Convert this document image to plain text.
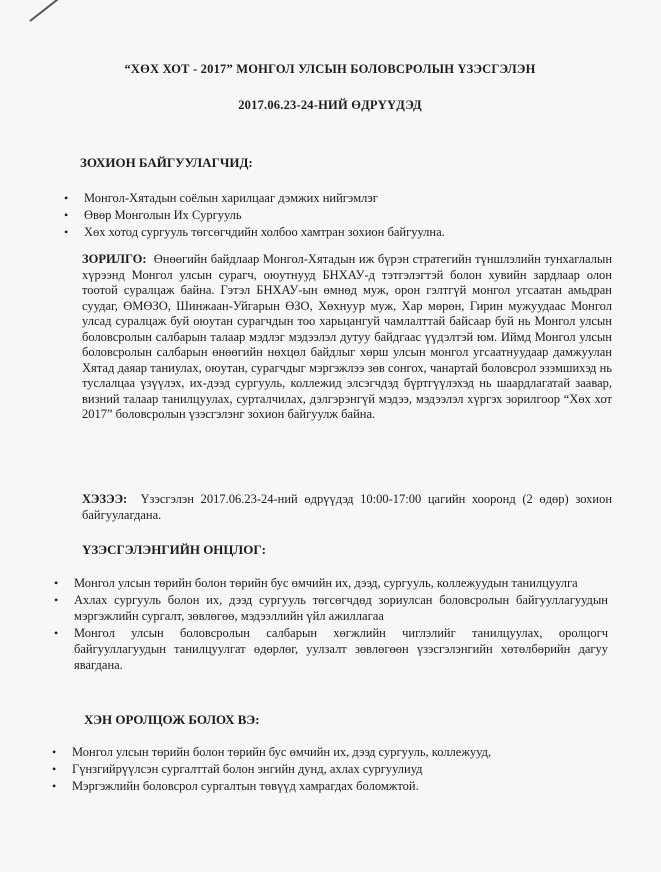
“ХӨХ ХОТ - 2017” МОНГОЛ УЛСЫН БОЛОВСРОЛЫН ҮЗЭСГЭЛЭН
2017.06.23-24-НИЙ ӨДРҮҮДЭД
ЗОХИОН БАЙГУУЛАГЧИД:
• Монгол-Хятадын соёлын харилцааг дэмжих нийгэмлэг
• Өвөр Монголын Их Сургууль
• Хөх хотод сургууль төгсөгчдийн холбоо хамтран зохион байгуулна.
ЗОРИЛГО: Өнөөгийн байдлаар Монгол-Хятадын иж бүрэн стратегийн түншлэлийн тунхаглалын хүрээнд Монгол улсын сурагч, оюутнууд БНХАУ-д тэтгэлэгтэй болон хувийн зардлаар олон тоотой суралцаж байна. Гэтэл БНХАУ-ын өмнөд муж, орон гэлтгүй монгол угсаатан амьдран суудаг, ӨМӨЗО, Шинжаан-Уйгарын ӨЗО, Хөхнуур муж, Хар мөрөн, Гирин мужуудаас Монгол улсад суралцаж буй оюутан сурагчдын тоо харьцангуй чамлалттай байсаар буй нь Монгол улсын боловсролын салбарын талаар мэдлэг мэдээлэл дутуу байдгаас үүдэлтэй юм. Иймд Монгол улсын боловсролын салбарын өнөөгийн нөхцөл байдлыг хөрш улсын монгол угсаатнуудаар дамжуулан Хятад даяар таниулах, оюутан, сурагчдыг мэргэжлээ зөв сонгох, чанартай боловсрол эзэмшихэд нь туслалцаа үзүүлэх, их-дээд сургууль, коллежид элсэгчдэд бүртгүүлэхэд нь шаардлагатай заавар, визний талаар танилцуулах, сурталчилах, дэлгэрэнгүй мэдээ, мэдээлэл хүргэх зорилгоор “Хөх хот 2017” боловсролын үзэсгэлэнг зохион байгуулж байна.
ХЭЗЭЭ: Үзэсгэлэн 2017.06.23-24-ний өдрүүдэд 10:00-17:00 цагийн хооронд (2 өдөр) зохион байгуулагдана.
ҮЗЭСГЭЛЭНГИЙН ОНЦЛОГ:
• Монгол улсын төрийн болон төрийн бус өмчийн их, дээд, сургууль, коллежуудын танилцуулга
• Ахлах сургууль болон их, дээд сургууль төгсөгчдөд зориулсан боловсролын байгууллагуудын мэргэжлийн сургалт, зөвлөгөө, мэдээллийн үйл ажиллагаа
• Монгол улсын боловсролын салбарын хөгжлийн чиглэлийг танилцуулах, оролцогч байгууллагуудын танилцуулгат өдөрлөг, уулзалт зөвлөгөөн үзэсгэлэнгийн хөтөлбөрийн дагуу явагдана.
ХЭН ОРОЛЦОЖ БОЛОХ ВЭ:
• Монгол улсын төрийн болон төрийн бус өмчийн их, дээд сургууль, коллежууд,
• Гүнзгийрүүлсэн сургалттай болон энгийн дунд, ахлах сургуулиуд
• Мэргэжлийн боловсрол сургалтын төвүүд хамрагдах боломжтой.
